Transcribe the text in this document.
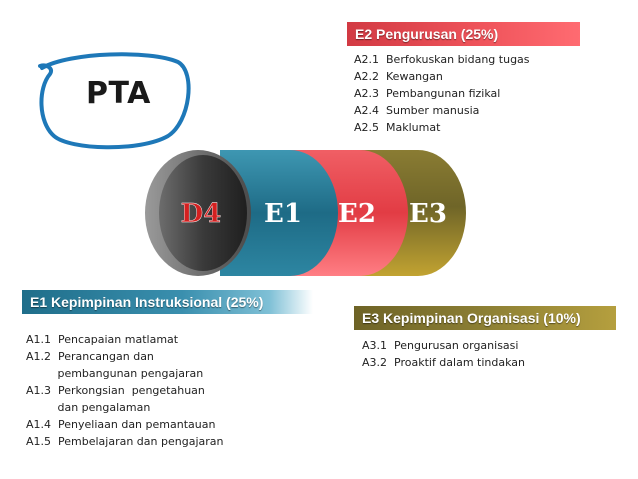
D4 E1 E2 E3
PTA
E2 Pengurusan (25%)
A2.1  Berfokuskan bidang tugas
A2.2  Kewangan
A2.3  Pembangunan fizikal
A2.4  Sumber manusia
A2.5  Maklumat
E1 Kepimpinan Instruksional (25%)
A1.1  Pencapaian matlamat
A1.2  Perancangan dan
pembangunan pengajaran
A1.3  Perkongsian  pengetahuan
dan pengalaman
A1.4  Penyeliaan dan pemantauan
A1.5  Pembelajaran dan pengajaran
E3 Kepimpinan Organisasi (10%)
A3.1  Pengurusan organisasi
A3.2  Proaktif dalam tindakan
